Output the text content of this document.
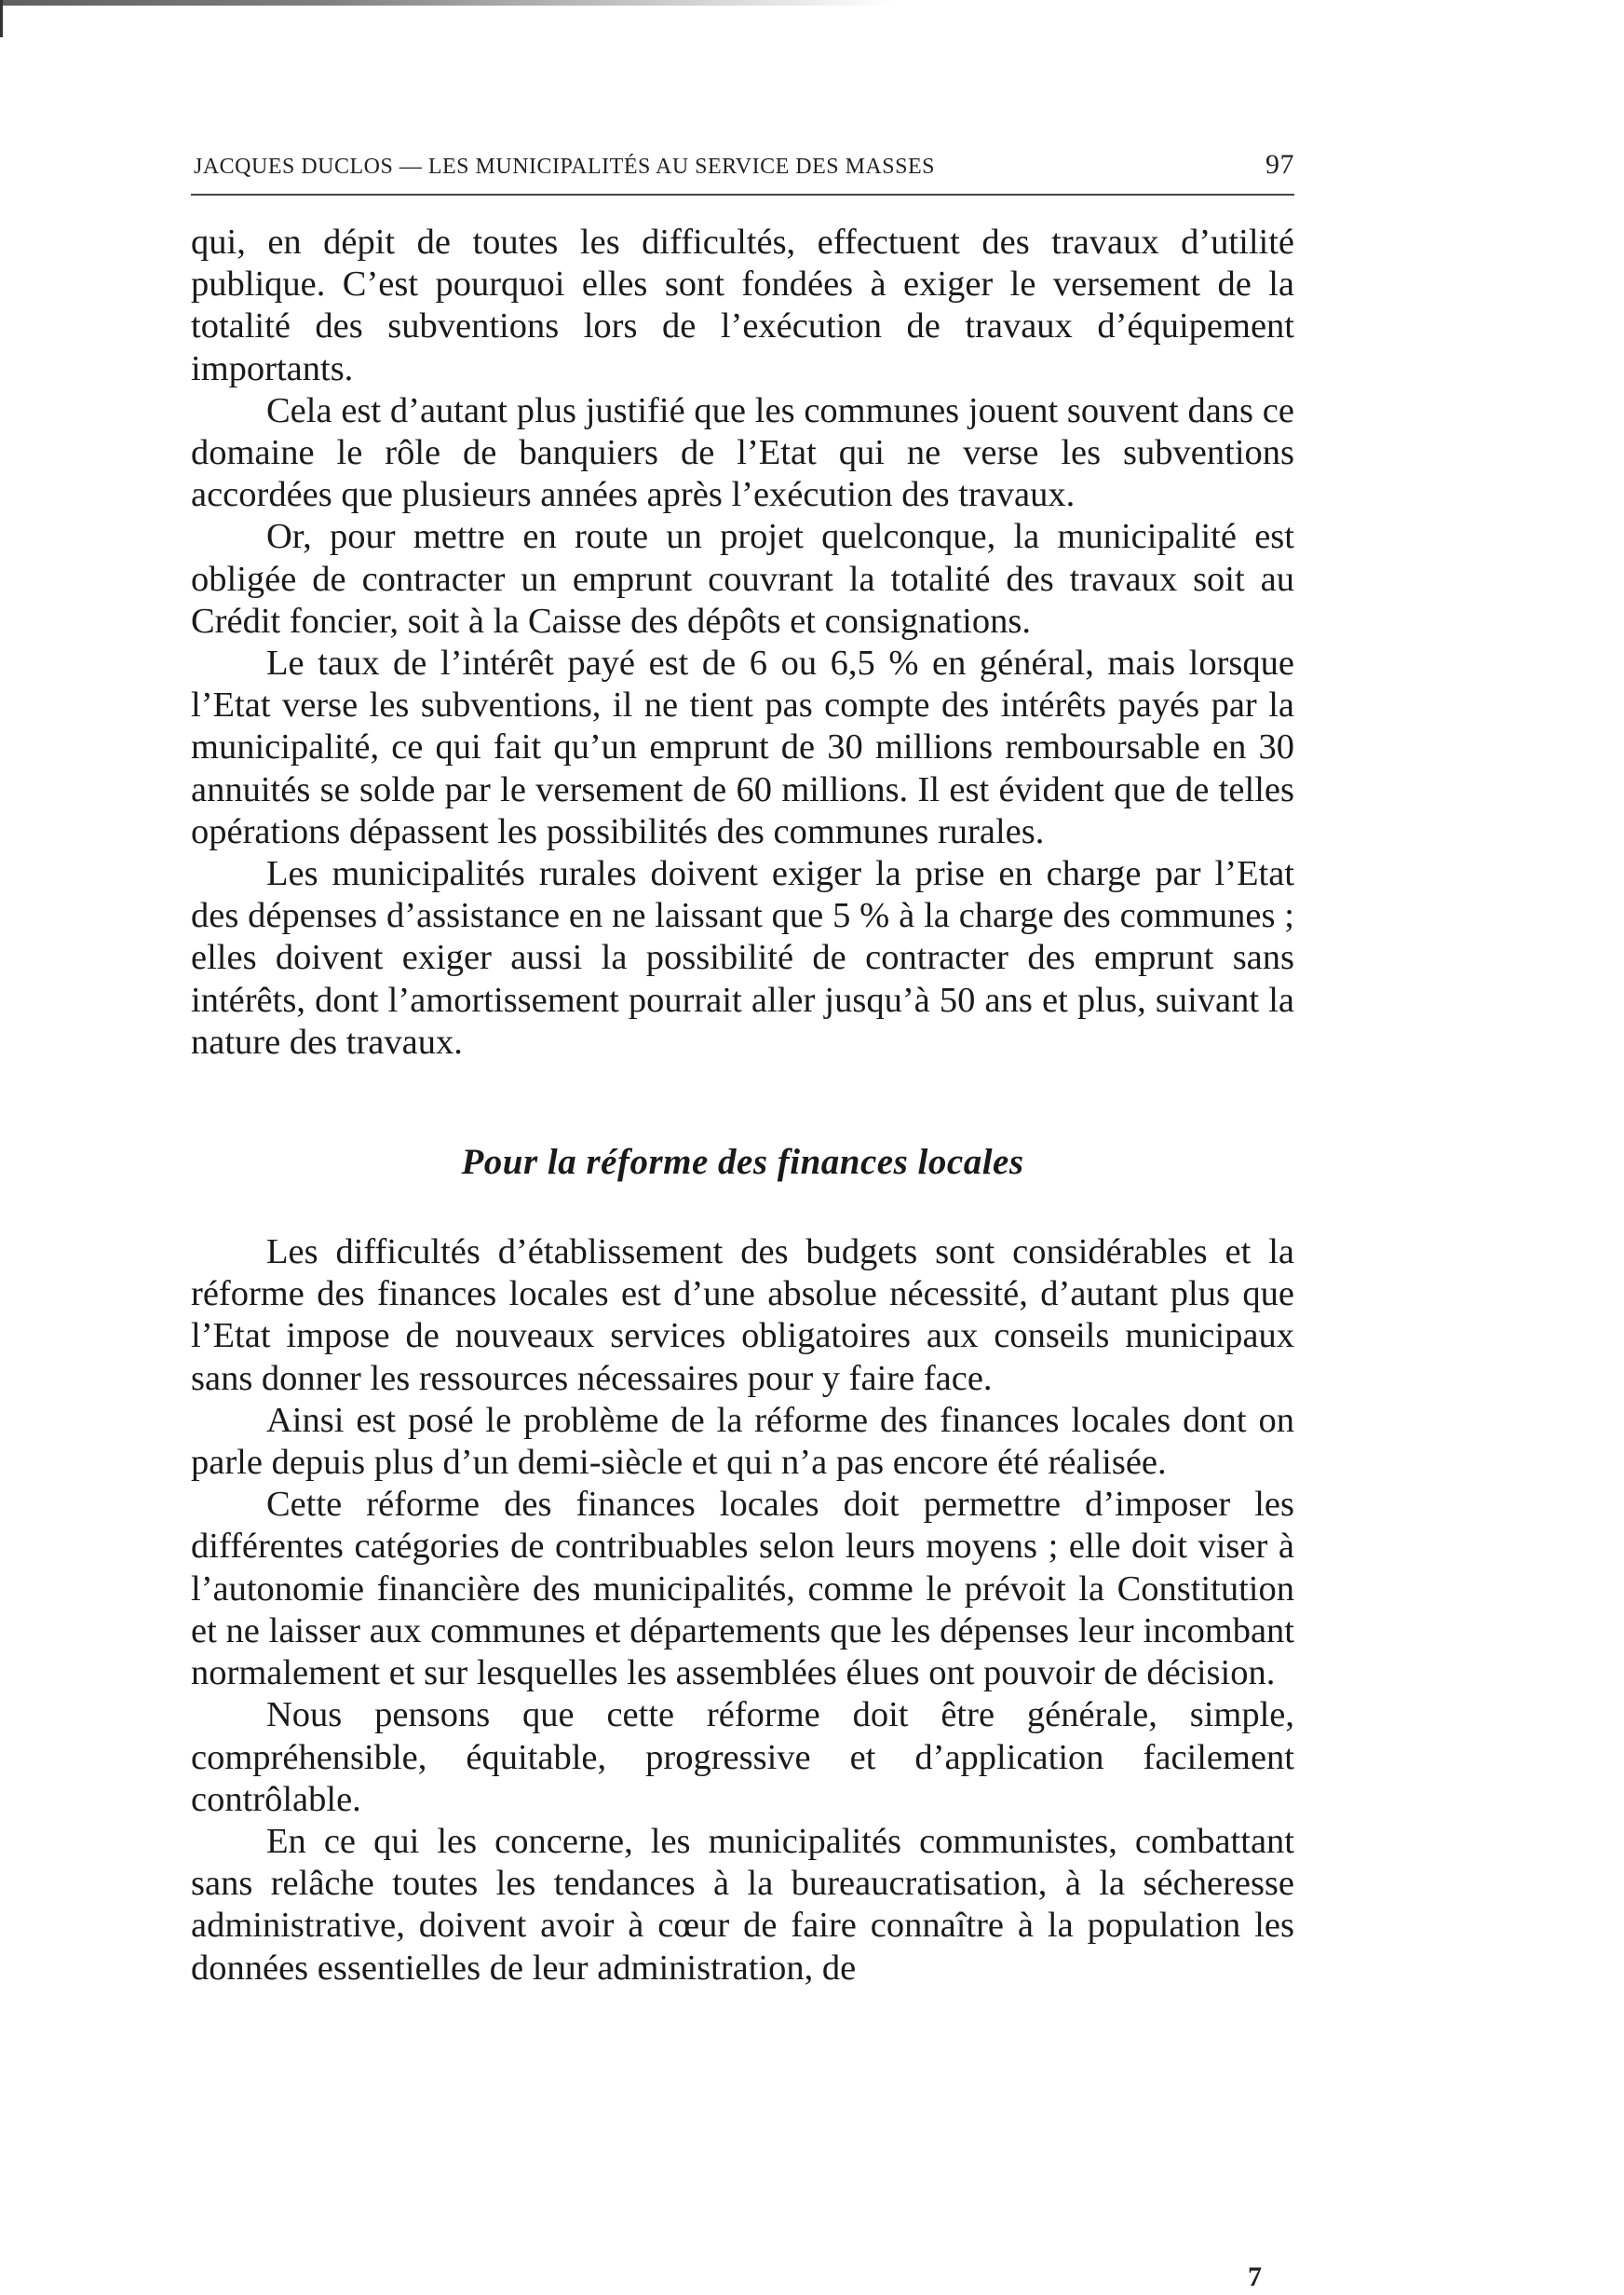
JACQUES DUCLOS — LES MUNICIPALITÉS AU SERVICE DES MASSES	97

qui, en dépit de toutes les difficultés, effectuent des travaux d’utilité publique. C’est pourquoi elles sont fondées à exiger le versement de la totalité des subventions lors de l’exécution de travaux d’équipement importants.

Cela est d’autant plus justifié que les communes jouent souvent dans ce domaine le rôle de banquiers de l’Etat qui ne verse les subventions accordées que plusieurs années après l’exécution des travaux.

Or, pour mettre en route un projet quelconque, la municipalité est obligée de contracter un emprunt couvrant la totalité des travaux soit au Crédit foncier, soit à la Caisse des dépôts et consignations.

Le taux de l’intérêt payé est de 6 ou 6,5 % en général, mais lorsque l’Etat verse les subventions, il ne tient pas compte des intérêts payés par la municipalité, ce qui fait qu’un emprunt de 30 millions remboursable en 30 annuités se solde par le versement de 60 millions. Il est évident que de telles opérations dépassent les possibilités des communes rurales.

Les municipalités rurales doivent exiger la prise en charge par l’Etat des dépenses d’assistance en ne laissant que 5 % à la charge des communes ; elles doivent exiger aussi la possibilité de contracter des emprunt sans intérêts, dont l’amortissement pourrait aller jusqu’à 50 ans et plus, suivant la nature des travaux.

Pour la réforme des finances locales

Les difficultés d’établissement des budgets sont considérables et la réforme des finances locales est d’une absolue nécessité, d’autant plus que l’Etat impose de nouveaux services obligatoires aux conseils municipaux sans donner les ressources nécessaires pour y faire face.

Ainsi est posé le problème de la réforme des finances locales dont on parle depuis plus d’un demi-siècle et qui n’a pas encore été réalisée.

Cette réforme des finances locales doit permettre d’imposer les différentes catégories de contribuables selon leurs moyens ; elle doit viser à l’autonomie financière des municipalités, comme le prévoit la Constitution et ne laisser aux communes et départements que les dépenses leur incombant normalement et sur lesquelles les assemblées élues ont pouvoir de décision.

Nous pensons que cette réforme doit être générale, simple, compréhensible, équitable, progressive et d’application facilement contrôlable.

En ce qui les concerne, les municipalités communistes, combattant sans relâche toutes les tendances à la bureaucratisation, à la sécheresse administrative, doivent avoir à cœur de faire connaître à la population les données essentielles de leur administration, de

7
